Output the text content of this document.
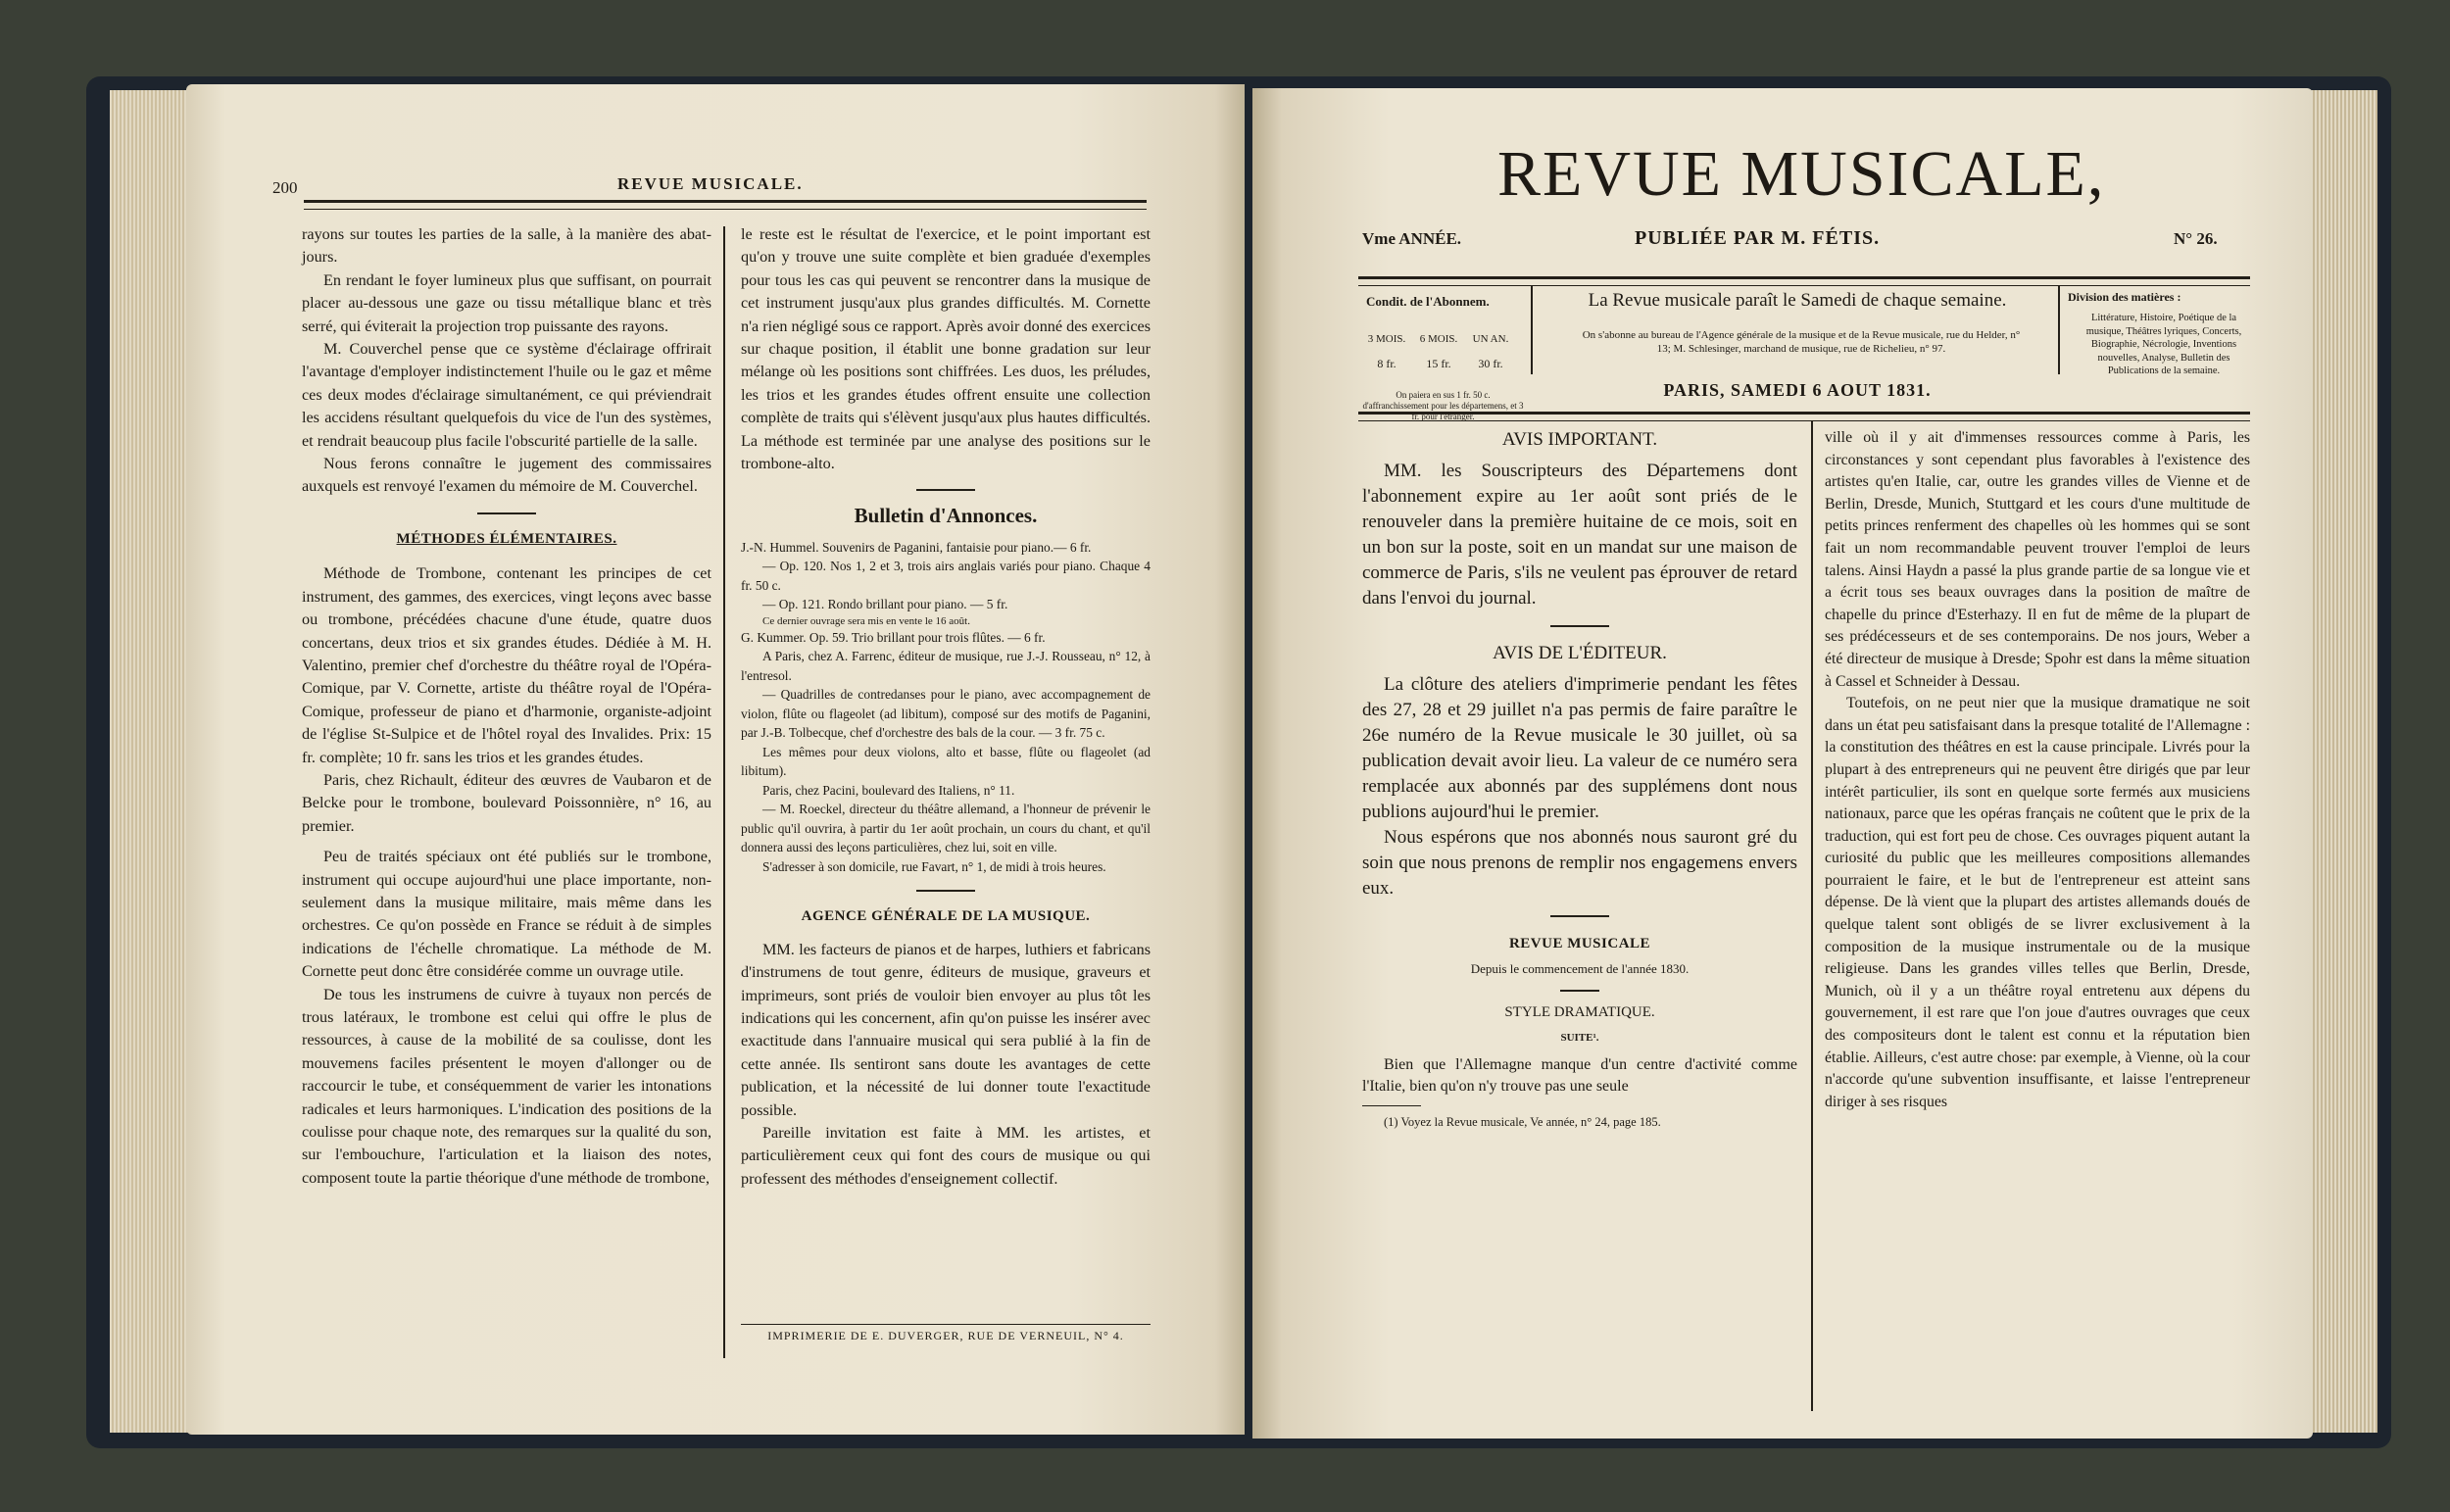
200	REVUE MUSICALE.

rayons sur toutes les parties de la salle, à la manière des abat-jours.

En rendant le foyer lumineux plus que suffisant, on pourrait placer au-dessous une gaze ou tissu métallique blanc et très serré, qui éviterait la projection trop puissante des rayons.

M. Couverchel pense que ce système d'éclairage offrirait l'avantage d'employer indistinctement l'huile ou le gaz et même ces deux modes d'éclairage simultanément, ce qui préviendrait les accidens résultant quelquefois du vice de l'un des systèmes, et rendrait beaucoup plus facile l'obscurité partielle de la salle.

Nous ferons connaître le jugement des commissaires auxquels est renvoyé l'examen du mémoire de M. Couverchel.

MÉTHODES ÉLÉMENTAIRES.

Méthode de Trombone, contenant les principes de cet instrument, des gammes, des exercices, vingt leçons avec basse ou trombone, précédées chacune d'une étude, quatre duos concertans, deux trios et six grandes études. Dédiée à M. H. Valentino, premier chef d'orchestre du théâtre royal de l'Opéra-Comique, par V. Cornette, artiste du théâtre royal de l'Opéra-Comique, professeur de piano et d'harmonie, organiste-adjoint de l'église St-Sulpice et de l'hôtel royal des Invalides. Prix: 15 fr. complète; 10 fr. sans les trios et les grandes études.

Paris, chez Richault, éditeur des œuvres de Vaubaron et de Belcke pour le trombone, boulevard Poissonnière, n° 16, au premier.

Peu de traités spéciaux ont été publiés sur le trombone, instrument qui occupe aujourd'hui une place importante, non-seulement dans la musique militaire, mais même dans les orchestres. Ce qu'on possède en France se réduit à de simples indications de l'échelle chromatique. La méthode de M. Cornette peut donc être considérée comme un ouvrage utile.

De tous les instrumens de cuivre à tuyaux non percés de trous latéraux, le trombone est celui qui offre le plus de ressources, à cause de la mobilité de sa coulisse, dont les mouvemens faciles présentent le moyen d'allonger ou de raccourcir le tube, et conséquemment de varier les intonations radicales et leurs harmoniques. L'indication des positions de la coulisse pour chaque note, des remarques sur la qualité du son, sur l'embouchure, l'articulation et la liaison des notes, composent toute la partie théorique d'une méthode de trombone,

le reste est le résultat de l'exercice, et le point important est qu'on y trouve une suite complète et bien graduée d'exemples pour tous les cas qui peuvent se rencontrer dans la musique de cet instrument jusqu'aux plus grandes difficultés. M. Cornette n'a rien négligé sous ce rapport. Après avoir donné des exercices sur chaque position, il établit une bonne gradation sur leur mélange où les positions sont chiffrées. Les duos, les préludes, les trios et les grandes études offrent ensuite une collection complète de traits qui s'élèvent jusqu'aux plus hautes difficultés. La méthode est terminée par une analyse des positions sur le trombone-alto.

Bulletin d'Annonces.

J.-N. Hummel. Souvenirs de Paganini, fantaisie pour piano.— 6 fr.

— Op. 120. Nos 1, 2 et 3, trois airs anglais variés pour piano. Chaque 4 fr. 50 c.

— Op. 121. Rondo brillant pour piano. — 5 fr.

Ce dernier ouvrage sera mis en vente le 16 août.

G. Kummer. Op. 59. Trio brillant pour trois flûtes. — 6 fr.

A Paris, chez A. Farrenc, éditeur de musique, rue J.-J. Rousseau, n° 12, à l'entresol.

— Quadrilles de contredanses pour le piano, avec accompagnement de violon, flûte ou flageolet (ad libitum), composé sur des motifs de Paganini, par J.-B. Tolbecque, chef d'orchestre des bals de la cour. — 3 fr. 75 c.

Les mêmes pour deux violons, alto et basse, flûte ou flageolet (ad libitum).

Paris, chez Pacini, boulevard des Italiens, n° 11.

— M. Roeckel, directeur du théâtre allemand, a l'honneur de prévenir le public qu'il ouvrira, à partir du 1er août prochain, un cours du chant, et qu'il donnera aussi des leçons particulières, chez lui, soit en ville.

S'adresser à son domicile, rue Favart, n° 1, de midi à trois heures.

AGENCE GÉNÉRALE DE LA MUSIQUE.

MM. les facteurs de pianos et de harpes, luthiers et fabricans d'instrumens de tout genre, éditeurs de musique, graveurs et imprimeurs, sont priés de vouloir bien envoyer au plus tôt les indications qui les concernent, afin qu'on puisse les insérer avec exactitude dans l'annuaire musical qui sera publié à la fin de cette année. Ils sentiront sans doute les avantages de cette publication, et la nécessité de lui donner toute l'exactitude possible.

Pareille invitation est faite à MM. les artistes, et particulièrement ceux qui font des cours de musique ou qui professent des méthodes d'enseignement collectif.

IMPRIMERIE DE E. DUVERGER, RUE DE VERNEUIL, N° 4.
REVUE MUSICALE,
Vme ANNÉE.	PUBLIÉE PAR M. FÉTIS.	N° 26.
Condit. de l'Abonnem.
3 MOIS.	6 MOIS.	UN AN.
8 fr.	15 fr.	30 fr.
On paiera en sus 1 fr. 50 c. d'affranchissement pour les départemens, et 3 fr. pour l'étranger.
La Revue musicale paraît le Samedi de chaque semaine.
On s'abonne au bureau de l'Agence générale de la musique et de la Revue musicale, rue du Helder, n° 13; M. Schlesinger, marchand de musique, rue de Richelieu, n° 97.
PARIS, SAMEDI 6 AOUT 1831.
Division des matières :
Littérature, Histoire, Poétique de la musique, Théâtres lyriques, Concerts, Biographie, Nécrologie, Inventions nouvelles, Analyse, Bulletin des Publications de la semaine.
AVIS IMPORTANT.

MM. les Souscripteurs des Départemens dont l'abonnement expire au 1er août sont priés de le renouveler dans la première huitaine de ce mois, soit en un bon sur la poste, soit en un mandat sur une maison de commerce de Paris, s'ils ne veulent pas éprouver de retard dans l'envoi du journal.

AVIS DE L'ÉDITEUR.

La clôture des ateliers d'imprimerie pendant les fêtes des 27, 28 et 29 juillet n'a pas permis de faire paraître le 26e numéro de la Revue musicale le 30 juillet, où sa publication devait avoir lieu. La valeur de ce numéro sera remplacée aux abonnés par des supplémens dont nous publions aujourd'hui le premier.

Nous espérons que nos abonnés nous sauront gré du soin que nous prenons de remplir nos engagemens envers eux.

REVUE MUSICALE
Depuis le commencement de l'année 1830.
STYLE DRAMATIQUE.
SUITE¹.

Bien que l'Allemagne manque d'un centre d'activité comme l'Italie, bien qu'on n'y trouve pas une seule

(1) Voyez la Revue musicale, Ve année, n° 24, page 185.

ville où il y ait d'immenses ressources comme à Paris, les circonstances y sont cependant plus favorables à l'existence des artistes qu'en Italie, car, outre les grandes villes de Vienne et de Berlin, Dresde, Munich, Stuttgard et les cours d'une multitude de petits princes renferment des chapelles où les hommes qui se sont fait un nom recommandable peuvent trouver l'emploi de leurs talens. Ainsi Haydn a passé la plus grande partie de sa longue vie et a écrit tous ses beaux ouvrages dans la position de maître de chapelle du prince d'Esterhazy. Il en fut de même de la plupart de ses prédécesseurs et de ses contemporains. De nos jours, Weber a été directeur de musique à Dresde; Spohr est dans la même situation à Cassel et Schneider à Dessau.

Toutefois, on ne peut nier que la musique dramatique ne soit dans un état peu satisfaisant dans la presque totalité de l'Allemagne : la constitution des théâtres en est la cause principale. Livrés pour la plupart à des entrepreneurs qui ne peuvent être dirigés que par leur intérêt particulier, ils sont en quelque sorte fermés aux musiciens nationaux, parce que les opéras français ne coûtent que le prix de la traduction, qui est fort peu de chose. Ces ouvrages piquent autant la curiosité du public que les meilleures compositions allemandes pourraient le faire, et le but de l'entrepreneur est atteint sans dépense. De là vient que la plupart des artistes allemands doués de quelque talent sont obligés de se livrer exclusivement à la composition de la musique instrumentale ou de la musique religieuse. Dans les grandes villes telles que Berlin, Dresde, Munich, où il y a un théâtre royal entretenu aux dépens du gouvernement, il est rare que l'on joue d'autres ouvrages que ceux des compositeurs dont le talent est connu et la réputation bien établie. Ailleurs, c'est autre chose: par exemple, à Vienne, où la cour n'accorde qu'une subvention insuffisante, et laisse l'entrepreneur diriger à ses risques
